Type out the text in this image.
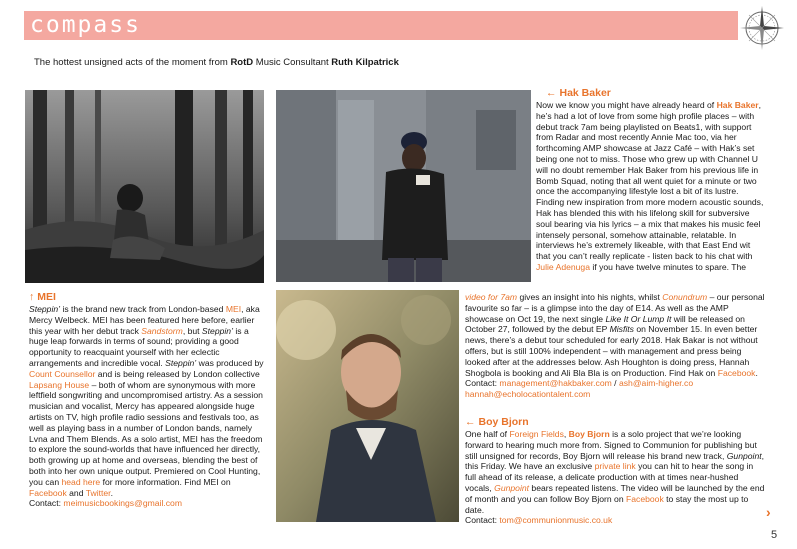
compass
The hottest unsigned acts of the moment from RotD Music Consultant Ruth Kilpatrick
↑ MEI

Steppin’ is the brand new track from London-based MEI, aka Mercy Welbeck. MEI has been featured here before, earlier this year with her debut track Sandstorm, but Steppin’ is a huge leap forwards in terms of sound; providing a good opportunity to reacquaint yourself with her eclectic arrangements and incredible vocal. Steppin’ was produced by Count Counsellor and is being released by London collective Lapsang House – both of whom are synonymous with more leftfield songwriting and uncompromised artistry. As a session musician and vocalist, Mercy has appeared alongside huge artists on TV, high profile radio sessions and festivals too, as well as playing bass in a number of London bands, namely Lvna and Them Blends. As a solo artist, MEI has the freedom to explore the sound-worlds that have influenced her directly, both growing up at home and overseas, blending the best of both into her own unique output. Premiered on Cool Hunting, you can head here for more information. Find MEI on Facebook and Twitter.
Contact: meimusicbookings@gmail.com

← Hak Baker

Now we know you might have already heard of Hak Baker, he’s had a lot of love from some high profile places – with debut track 7am being playlisted on Beats1, with support from Radar and most recently Annie Mac too, via her forthcoming AMP showcase at Jazz Café – with Hak’s set being one not to miss. Those who grew up with Channel U will no doubt remember Hak Baker from his previous life in Bomb Squad, noting that all went quiet for a minute or two once the accompanying lifestyle lost a bit of its lustre. Finding new inspiration from more modern acoustic sounds, Hak has blended this with his lifelong skill for subversive soul bearing via his lyrics – a mix that makes his music feel intensely personal, somehow attainable, relatable. In interviews he’s extremely likeable, with that East End wit that you can’t really replicate - listen back to his chat with Julie Adenuga if you have twelve minutes to spare. The

video for 7am gives an insight into his nights, whilst Conundrum – our personal favourite so far – is a glimpse into the day of E14. As well as the AMP showcase on Oct 19, the next single Like It Or Lump It will be released on October 27, followed by the debut EP Misfits on November 15. In even better news, there’s a debut tour scheduled for early 2018. Hak Bakar is not without offers, but is still 100% independent – with management and press being looked after at the addresses below. Ash Houghton is doing press, Hannah Shogbola is booking and Ali Bla Bla is on Production. Find Hak on Facebook.
Contact: management@hakbaker.com / ash@aim-higher.co
hannah@echolocationtalent.com

← Boy Bjorn

One half of Foreign Fields, Boy Bjorn is a solo project that we’re looking forward to hearing much more from. Signed to Communion for publishing but still unsigned for records, Boy Bjorn will release his brand new track, Gunpoint, this Friday. We have an exclusive private link you can hit to hear the song in full ahead of its release, a delicate production with at times near-hushed vocals, Gunpoint bears repeated listens. The video will be launched by the end of month and you can follow Boy Bjorn on Facebook to stay the most up to date.
Contact: tom@communionmusic.co.uk

›
5
